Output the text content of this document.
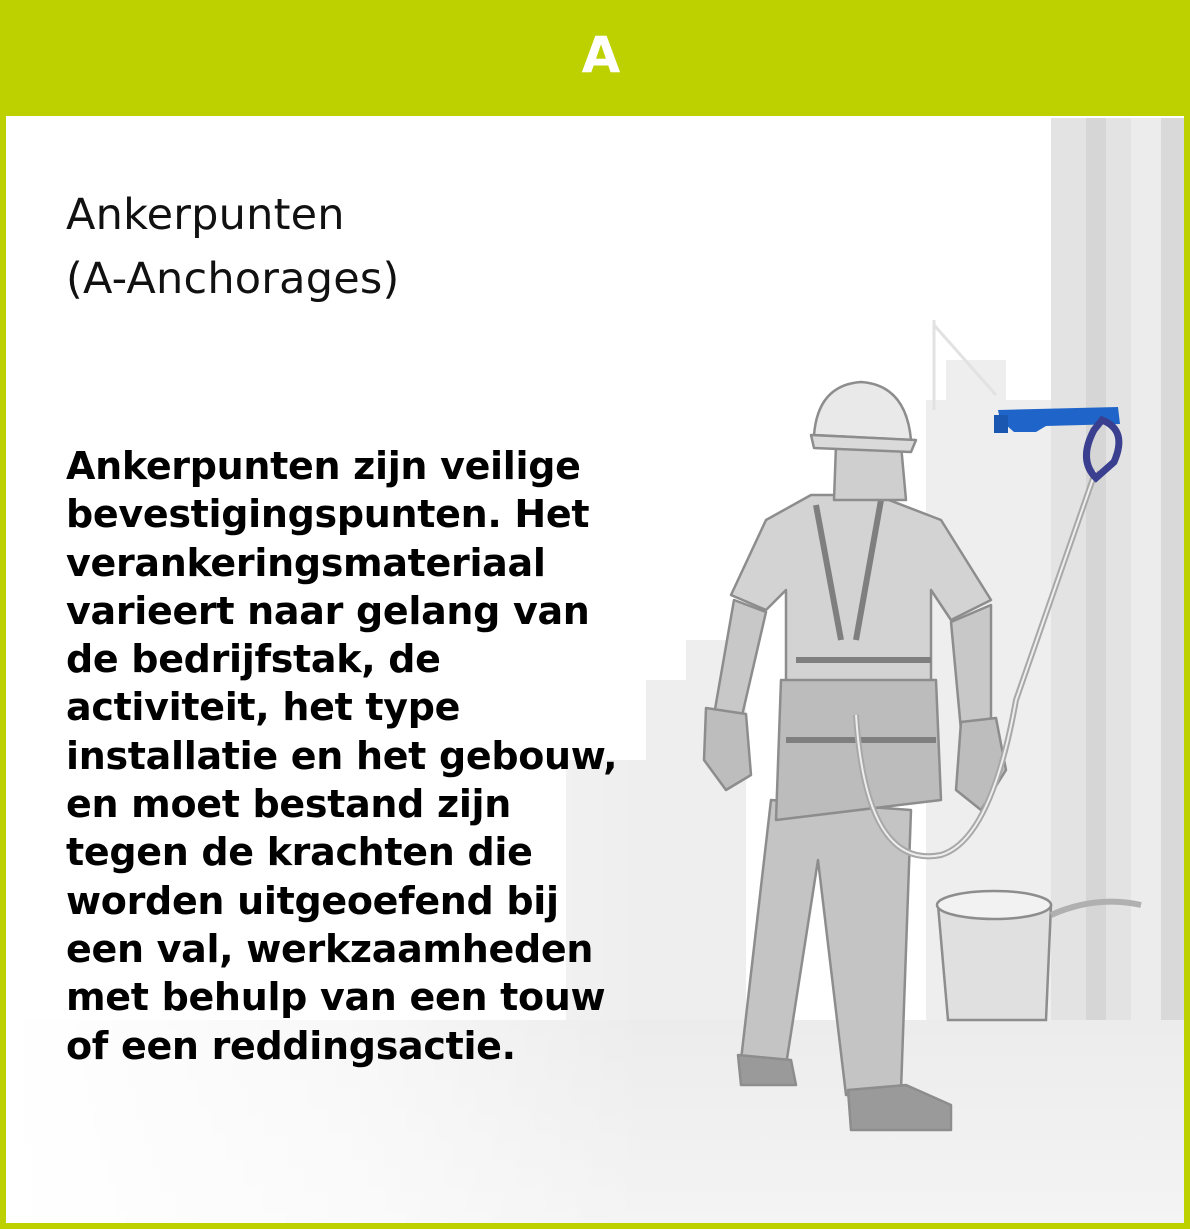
A
Ankerpunten
(A-Anchorages)

Ankerpunten zijn veilige
bevestigingspunten. Het
verankeringsmateriaal
varieert naar gelang van
de bedrijfstak, de
activiteit, het type
installatie en het gebouw,
en moet bestand zijn
tegen de krachten die
worden uitgeoefend bij
een val, werkzaamheden
met behulp van een touw
of een reddingsactie.
